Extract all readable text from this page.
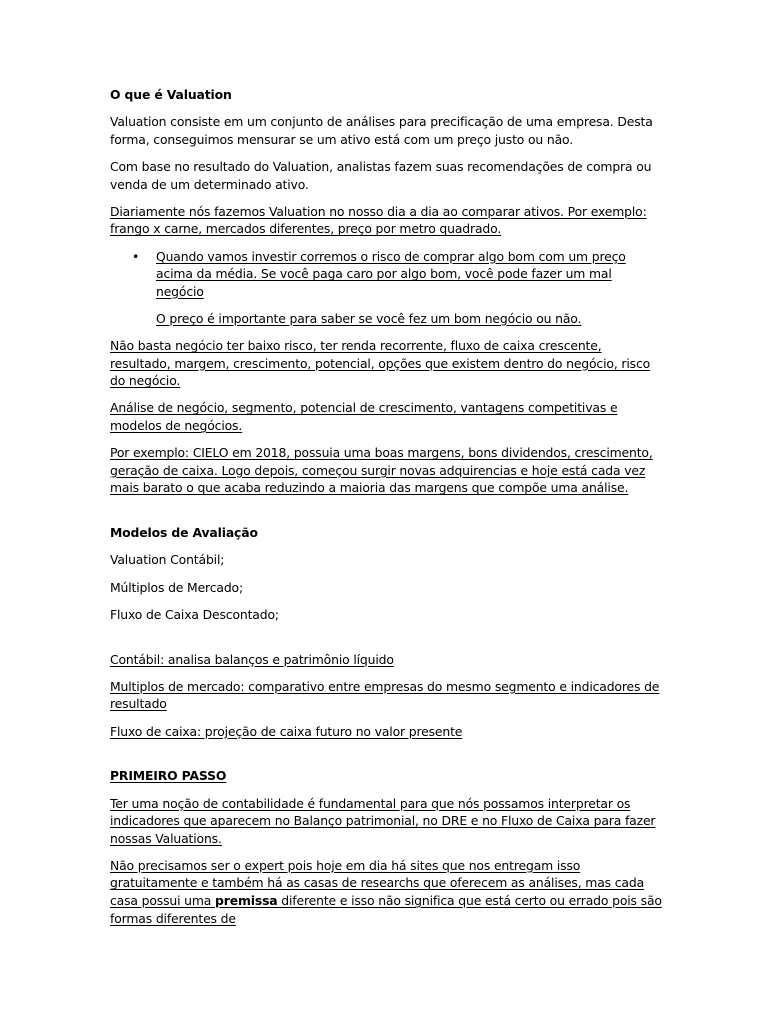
O que é Valuation

Valuation consiste em um conjunto de análises para precificação de uma empresa. Desta forma, conseguimos mensurar se um ativo está com um preço justo ou não.

Com base no resultado do Valuation, analistas fazem suas recomendações de compra ou venda de um determinado ativo.

Diariamente nós fazemos Valuation no nosso dia a dia ao comparar ativos. Por exemplo: frango x carne, mercados diferentes, preço por metro quadrado.

• Quando vamos investir corremos o risco de comprar algo bom com um preço acima da média. Se você paga caro por algo bom, você pode fazer um mal negócio

O preço é importante para saber se você fez um bom negócio ou não.

Não basta negócio ter baixo risco, ter renda recorrente, fluxo de caixa crescente, resultado, margem, crescimento, potencial, opções que existem dentro do negócio, risco do negócio.

Análise de negócio, segmento, potencial de crescimento, vantagens competitivas e modelos de negócios.

Por exemplo: CIELO em 2018, possuia uma boas margens, bons dividendos, crescimento, geração de caixa. Logo depois, começou surgir novas adquirencias e hoje está cada vez mais barato o que acaba reduzindo a maioria das margens que compõe uma análise.

Modelos de Avaliação

Valuation Contábil;

Múltiplos de Mercado;

Fluxo de Caixa Descontado;

Contábil: analisa balanços e patrimônio líquido

Multiplos de mercado: comparativo entre empresas do mesmo segmento e indicadores de resultado

Fluxo de caixa: projeção de caixa futuro no valor presente

PRIMEIRO PASSO

Ter uma noção de contabilidade é fundamental para que nós possamos interpretar os indicadores que aparecem no Balanço patrimonial, no DRE e no Fluxo de Caixa para fazer nossas Valuations.

Não precisamos ser o expert pois hoje em dia há sites que nos entregam isso gratuitamente e também há as casas de researchs que oferecem as análises, mas cada casa possui uma premissa diferente e isso não significa que está certo ou errado pois são formas diferentes de
